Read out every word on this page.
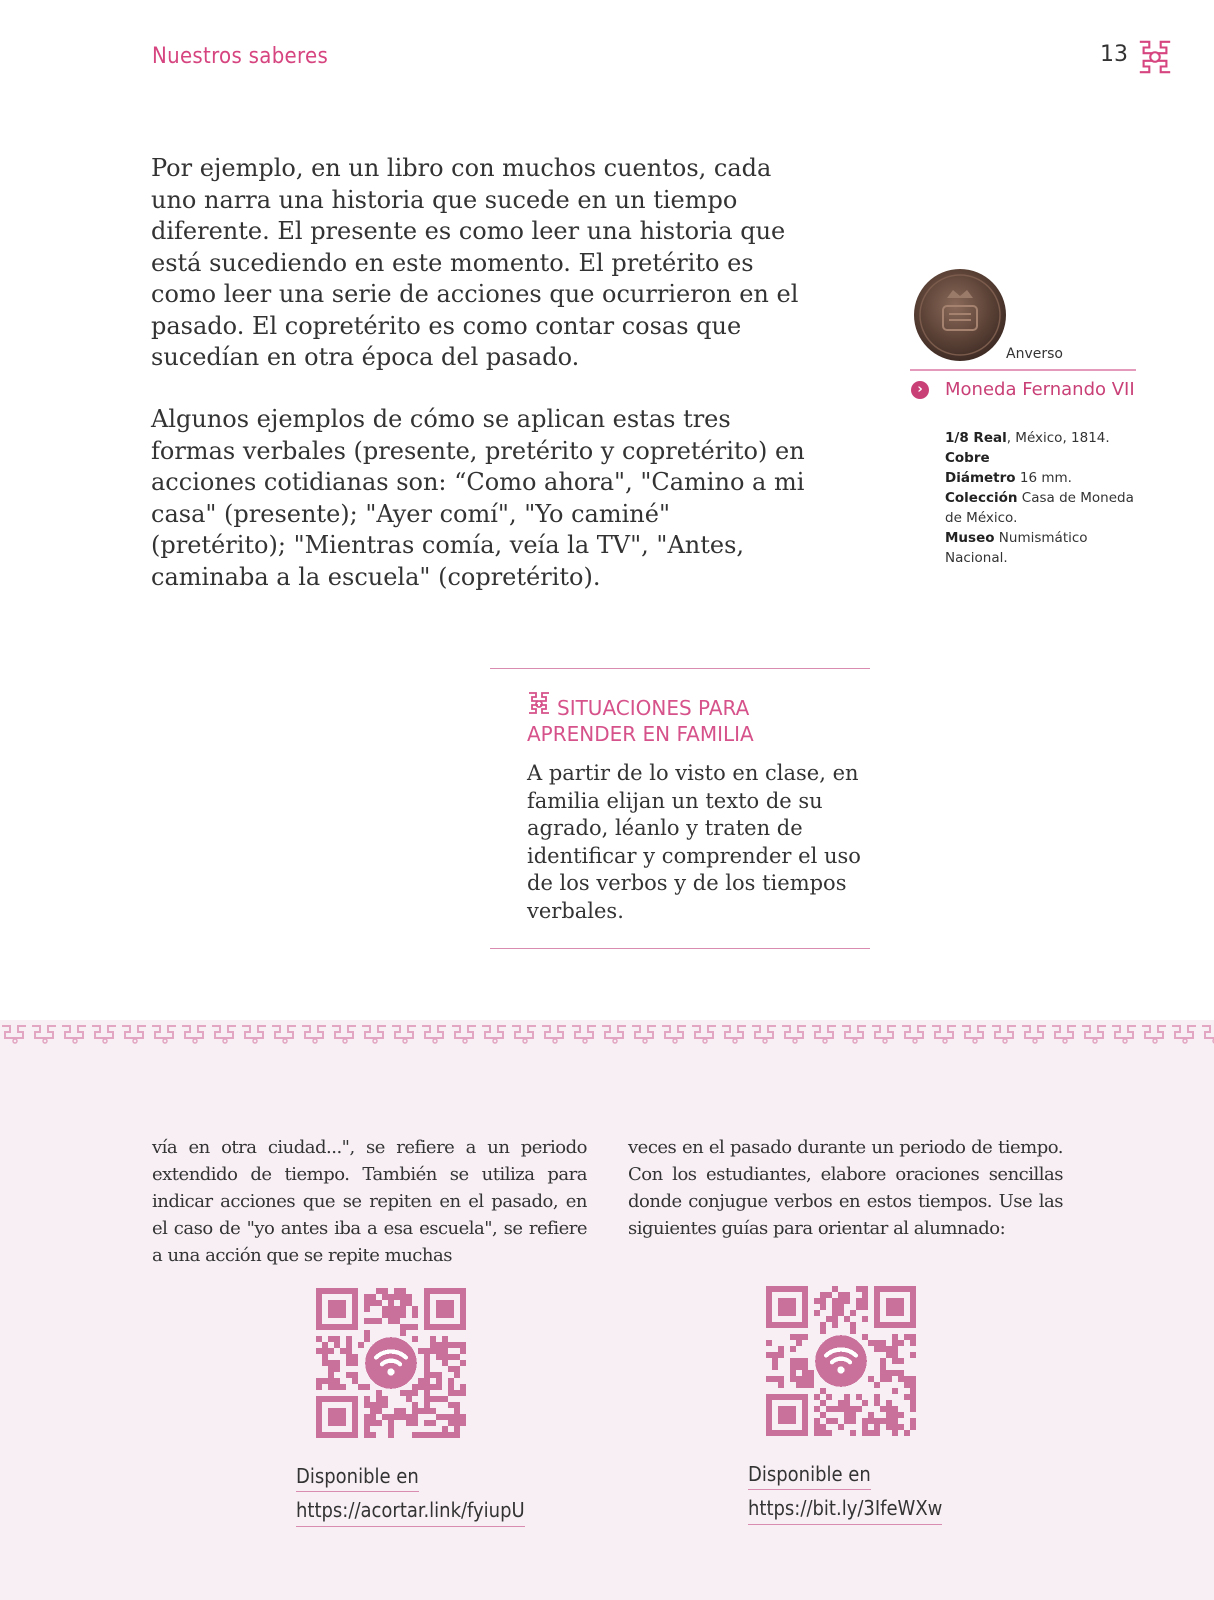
Nuestros saberes	13

Por ejemplo, en un libro con muchos cuentos, cada uno narra una historia que sucede en un tiempo diferente. El presente es como leer una historia que está sucediendo en este momento. El pretérito es como leer una serie de acciones que ocurrieron en el pasado. El copretérito es como contar cosas que sucedían en otra época del pasado.

Algunos ejemplos de cómo se aplican estas tres formas verbales (presente, pretérito y copretérito) en acciones cotidianas son: “Como ahora", "Camino a mi casa" (presente); "Ayer comí", "Yo caminé" (pretérito); "Mientras comía, veía la TV", "Antes, caminaba a la escuela" (copretérito).

Anverso
›	Moneda Fernando VII
1/8 Real, México, 1814.
Cobre
Diámetro 16 mm.
Colección Casa de Moneda
de México.
Museo Numismático
Nacional.
SITUACIONES PARA APRENDER EN FAMILIA

A partir de lo visto en clase, en familia elijan un texto de su agrado, léanlo y traten de identificar y comprender el uso de los verbos y de los tiempos verbales.

vía en otra ciudad...", se refiere a un periodo extendido de tiempo. También se utiliza para indicar acciones que se repiten en el pasado, en el caso de "yo antes iba a esa escuela", se refiere a una acción que se repite muchas

veces en el pasado durante un periodo de tiempo. Con los estudiantes, elabore oraciones sencillas donde conjugue verbos en estos tiempos. Use las siguientes guías para orientar al alumnado:

Disponible en
https://acortar.link/fyiupU
Disponible en
https://bit.ly/3IfeWXw
